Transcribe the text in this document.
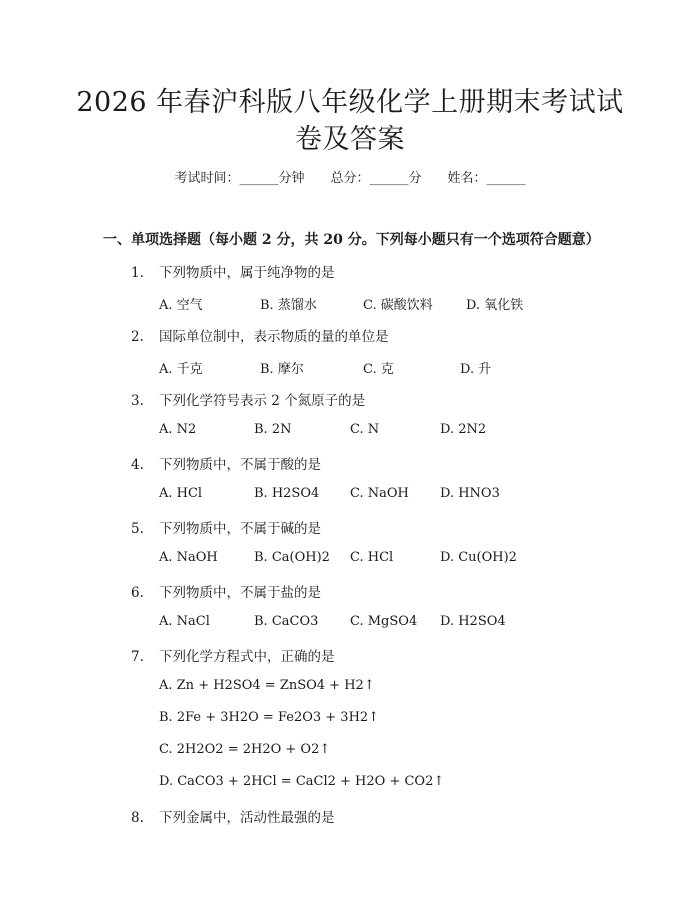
2026 年春沪科版八年级化学上册期末考试试
卷及答案
考试时间：______分钟 总分：______分 姓名：______
一、单项选择题（每小题 2 分，共 20 分。下列每小题只有一个选项符合题意）
1. 下列物质中，属于纯净物的是
A. 空气	B. 蒸馏水	C. 碳酸饮料	D. 氧化铁
2. 国际单位制中，表示物质的量的单位是
A. 千克	B. 摩尔	C. 克	D. 升
3. 下列化学符号表示 2 个氮原子的是
A. N2	B. 2N	C. N	D. 2N2
4. 下列物质中，不属于酸的是
A. HCl	B. H2SO4 C. NaOH D. HNO3
5. 下列物质中，不属于碱的是
A. NaOH	B. Ca(OH)2 C. HCl	D. Cu(OH)2
6. 下列物质中，不属于盐的是
A. NaCl	B. CaCO3 C. MgSO4 D. H2SO4
7. 下列化学方程式中，正确的是
A. Zn + H2SO4 = ZnSO4 + H2↑
B. 2Fe + 3H2O = Fe2O3 + 3H2↑
C. 2H2O2 = 2H2O + O2↑
D. CaCO3 + 2HCl = CaCl2 + H2O + CO2↑
8. 下列金属中，活动性最强的是
